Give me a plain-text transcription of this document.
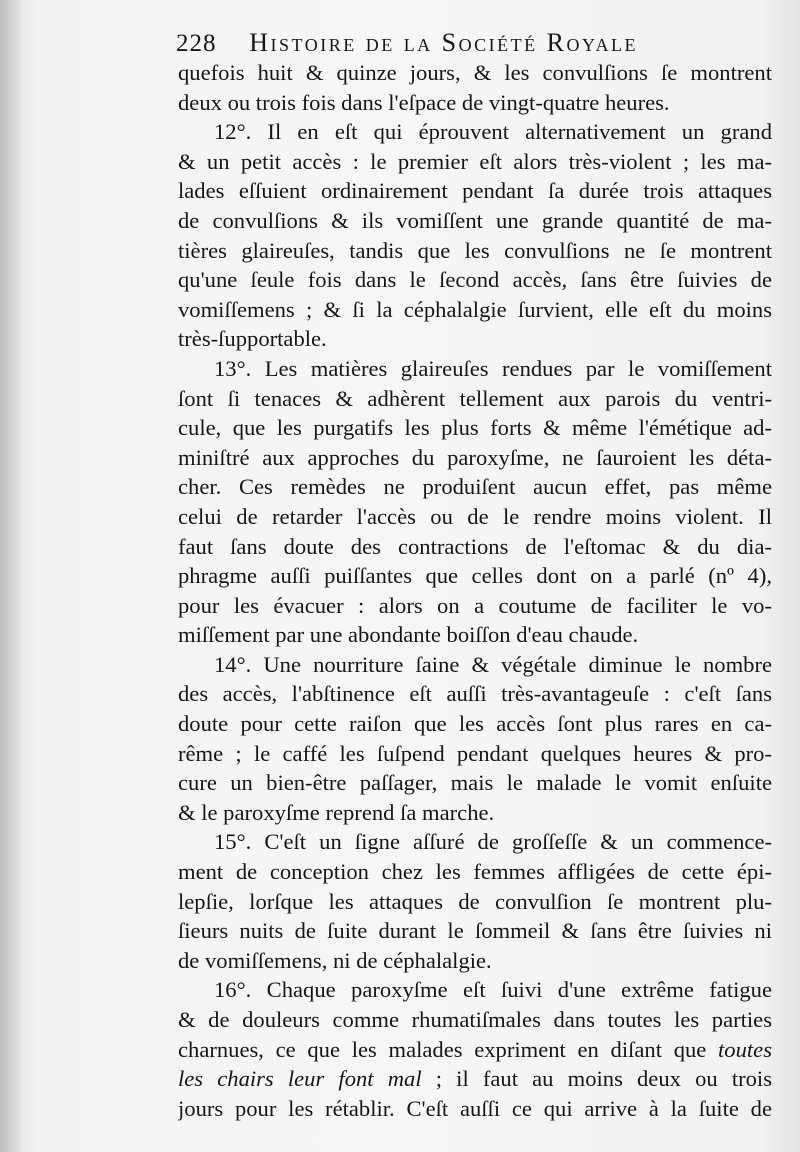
228 Histoire de la Société Royale
quefois huit & quinze jours, & les convulſions ſe montrent
deux ou trois fois dans l'eſpace de vingt-quatre heures.
12°. Il en eſt qui éprouvent alternativement un grand
& un petit accès : le premier eſt alors très-violent ; les ma-
lades eſſuient ordinairement pendant ſa durée trois attaques
de convulſions & ils vomiſſent une grande quantité de ma-
tières glaireuſes, tandis que les convulſions ne ſe montrent
qu'une ſeule fois dans le ſecond accès, ſans être ſuivies de
vomiſſemens ; & ſi la céphalalgie ſurvient, elle eſt du moins
très-ſupportable.
13°. Les matières glaireuſes rendues par le vomiſſement
ſont ſi tenaces & adhèrent tellement aux parois du ventri-
cule, que les purgatifs les plus forts & même l'émétique ad-
miniſtré aux approches du paroxyſme, ne ſauroient les déta-
cher. Ces remèdes ne produiſent aucun effet, pas même
celui de retarder l'accès ou de le rendre moins violent. Il
faut ſans doute des contractions de l'eſtomac & du dia-
phragme auſſi puiſſantes que celles dont on a parlé (nº 4),
pour les évacuer : alors on a coutume de faciliter le vo-
miſſement par une abondante boiſſon d'eau chaude.
14°. Une nourriture ſaine & végétale diminue le nombre
des accès, l'abſtinence eſt auſſi très-avantageuſe : c'eſt ſans
doute pour cette raiſon que les accès ſont plus rares en ca-
rême ; le caffé les ſuſpend pendant quelques heures & pro-
cure un bien-être paſſager, mais le malade le vomit enſuite
& le paroxyſme reprend ſa marche.
15°. C'eſt un ſigne aſſuré de groſſeſſe & un commence-
ment de conception chez les femmes affligées de cette épi-
lepſie, lorſque les attaques de convulſion ſe montrent plu-
ſieurs nuits de ſuite durant le ſommeil & ſans être ſuivies ni
de vomiſſemens, ni de céphalalgie.
16°. Chaque paroxyſme eſt ſuivi d'une extrême fatigue
& de douleurs comme rhumatiſmales dans toutes les parties
charnues, ce que les malades expriment en diſant que toutes
les chairs leur font mal ; il faut au moins deux ou trois
jours pour les rétablir. C'eſt auſſi ce qui arrive à la ſuite de
